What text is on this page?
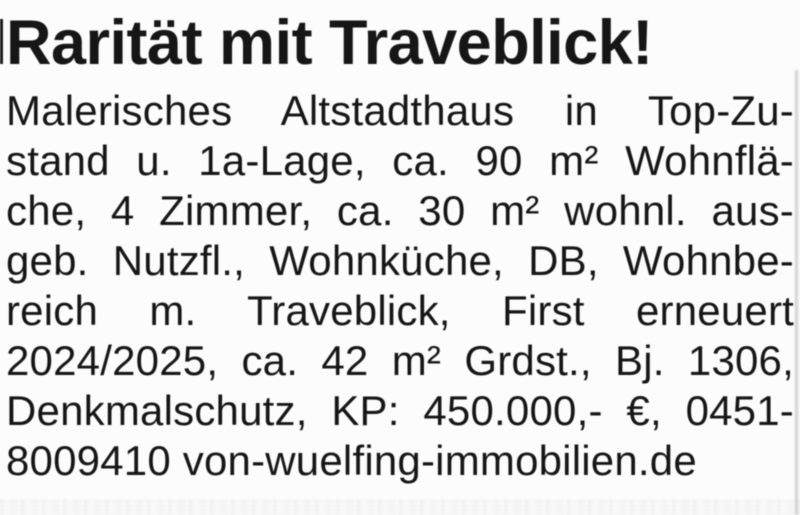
Rarität mit Traveblick!
Malerisches Altstadthaus in Top-Zu-
stand u. 1a-Lage, ca. 90 m² Wohnflä-
che, 4 Zimmer, ca. 30 m² wohnl. aus-
geb. Nutzfl., Wohnküche, DB, Wohnbe-
reich m. Traveblick, First erneuert
2024/2025, ca. 42 m² Grdst., Bj. 1306,
Denkmalschutz, KP: 450.000,- €, 0451-
8009410 von-wuelfing-immobilien.de
